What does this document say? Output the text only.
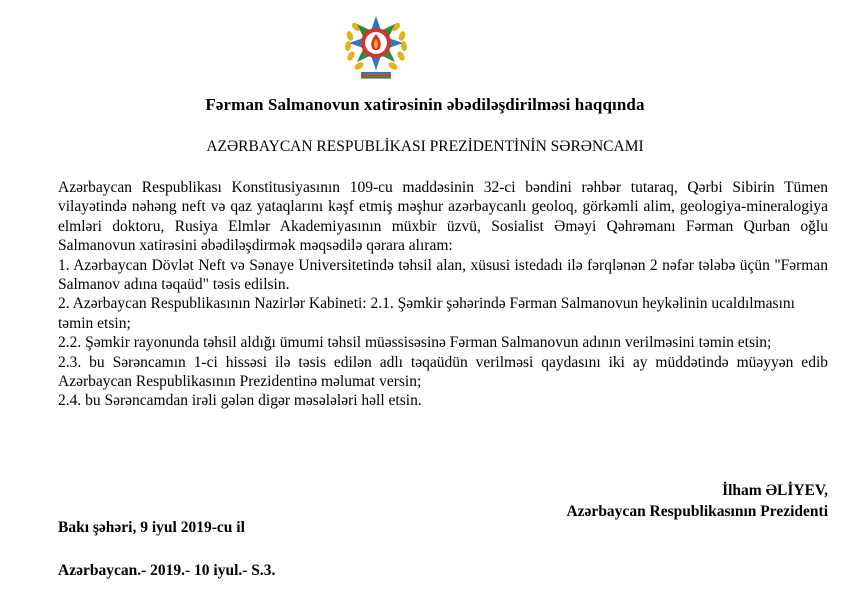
Fərman Salmanovun xatirəsinin əbədiləşdirilməsi haqqında
AZƏRBAYCAN RESPUBLİKASI PREZİDENTİNİN SƏRƏNCAMI

Azərbaycan Respublikası Konstitusiyasının 109-cu maddəsinin 32-ci bəndini rəhbər tutaraq, Qərbi Sibirin Tümen vilayətində nəhəng neft və qaz yataqlarını kəşf etmiş məşhur azərbaycanlı geoloq, görkəmli alim, geologiya-mineralogiya elmləri doktoru, Rusiya Elmlər Akademiyasının müxbir üzvü, Sosialist Əməyi Qəhrəmanı Fərman Qurban oğlu Salmanovun xatirəsini əbədiləşdirmək məqsədilə qərara alıram:

1. Azərbaycan Dövlət Neft və Sənaye Universitetində təhsil alan, xüsusi istedadı ilə fərqlənən 2 nəfər tələbə üçün "Fərman Salmanov adına təqaüd" təsis edilsin.

2. Azərbaycan Respublikasının Nazirlər Kabineti:

2.1. Şəmkir şəhərində Fərman Salmanovun heykəlinin ucaldılmasını təmin etsin;

2.2. Şəmkir rayonunda təhsil aldığı ümumi təhsil müəssisəsinə Fərman Salmanovun adının verilməsini təmin etsin;

2.3. bu Sərəncamın 1-ci hissəsi ilə təsis edilən adlı təqaüdün verilməsi qaydasını iki ay müddətində müəyyən edib Azərbaycan Respublikasının Prezidentinə məlumat versin;

2.4. bu Sərəncamdan irəli gələn digər məsələləri həll etsin.

İlham ƏLİYEV,
Azərbaycan Respublikasının Prezidenti
Bakı şəhəri, 9 iyul 2019-cu il
Azərbaycan.- 2019.- 10 iyul.- S.3.
